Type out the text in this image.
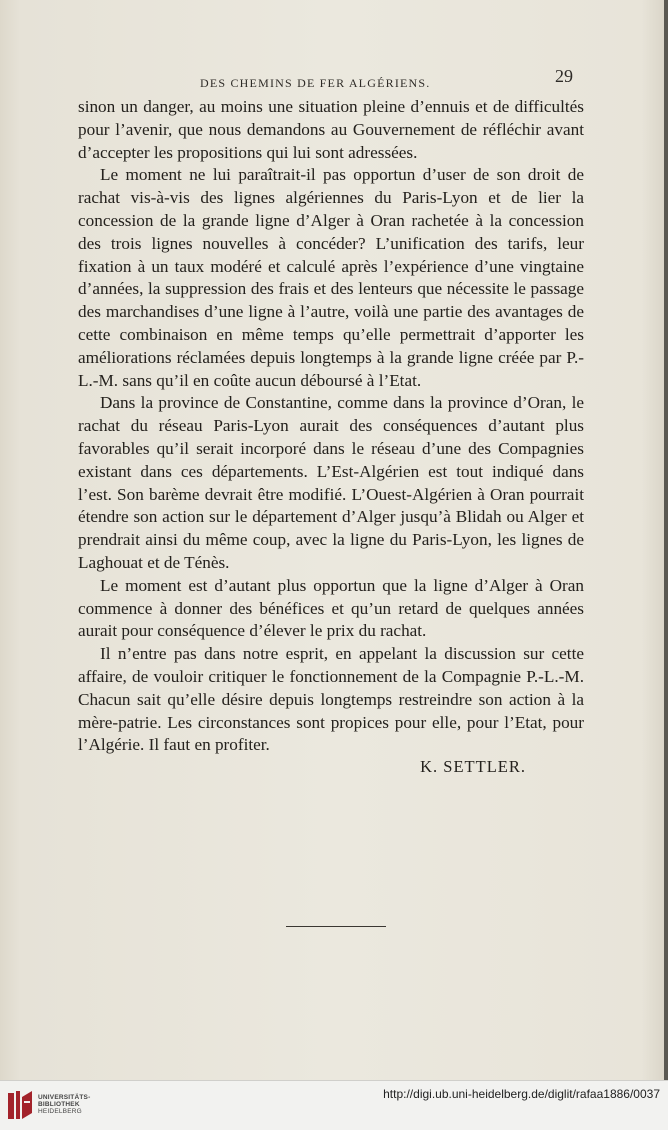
DES CHEMINS DE FER ALGÉRIENS.	29

sinon un danger, au moins une situation pleine d’ennuis et de difficultés pour l’avenir, que nous demandons au Gouvernement de réfléchir avant d’accepter les propositions qui lui sont adressées.

Le moment ne lui paraîtrait-il pas opportun d’user de son droit de rachat vis-à-vis des lignes algériennes du Paris-Lyon et de lier la concession de la grande ligne d’Alger à Oran rachetée à la concession des trois lignes nouvelles à concéder? L’unification des tarifs, leur fixation à un taux modéré et calculé après l’expérience d’une vingtaine d’années, la suppression des frais et des lenteurs que nécessite le passage des marchandises d’une ligne à l’autre, voilà une partie des avantages de cette combinaison en même temps qu’elle permettrait d’apporter les améliorations réclamées depuis longtemps à la grande ligne créée par P.-L.-M. sans qu’il en coûte aucun déboursé à l’Etat.

Dans la province de Constantine, comme dans la province d’Oran, le rachat du réseau Paris-Lyon aurait des conséquences d’autant plus favorables qu’il serait incorporé dans le réseau d’une des Compagnies existant dans ces départements. L’Est-Algérien est tout indiqué dans l’est. Son barème devrait être modifié. L’Ouest-Algérien à Oran pourrait étendre son action sur le département d’Alger jusqu’à Blidah ou Alger et prendrait ainsi du même coup, avec la ligne du Paris-Lyon, les lignes de Laghouat et de Ténès.

Le moment est d’autant plus opportun que la ligne d’Alger à Oran commence à donner des bénéfices et qu’un retard de quelques années aurait pour conséquence d’élever le prix du rachat.

Il n’entre pas dans notre esprit, en appelant la discussion sur cette affaire, de vouloir critiquer le fonctionnement de la Compagnie P.-L.-M. Chacun sait qu’elle désire depuis longtemps restreindre son action à la mère-patrie. Les circonstances sont propices pour elle, pour l’Etat, pour l’Algérie. Il faut en profiter.

K. SETTLER.

UNIVERSITÄTS-
BIBLIOTHEK
HEIDELBERG
http://digi.ub.uni-heidelberg.de/diglit/rafaa1886/0037
